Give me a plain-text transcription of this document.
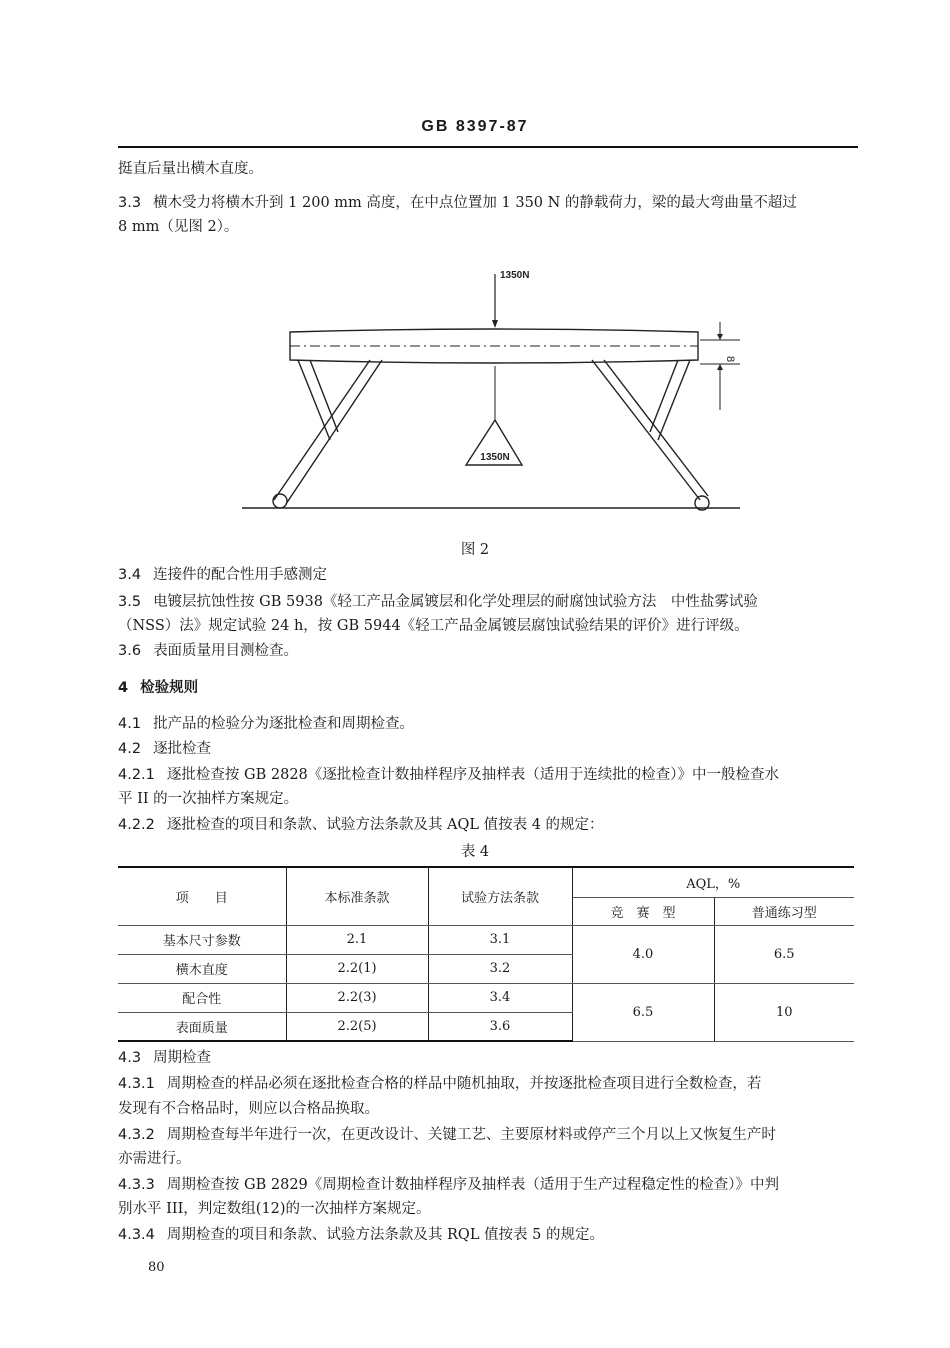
GB 8397-87
挺直后量出横木直度。
3.3 横木受力将横木升到 1 200 mm 高度，在中点位置加 1 350 N 的静载荷力，梁的最大弯曲量不超过
8 mm（见图 2）。
1350N
1350N
8
图 2
3.4 连接件的配合性用手感测定
3.5 电镀层抗蚀性按 GB 5938《轻工产品金属镀层和化学处理层的耐腐蚀试验方法　中性盐雾试验
（NSS）法》规定试验 24 h，按 GB 5944《轻工产品金属镀层腐蚀试验结果的评价》进行评级。
3.6 表面质量用目测检查。
4 检验规则
4.1 批产品的检验分为逐批检查和周期检查。
4.2 逐批检查
4.2.1 逐批检查按 GB 2828《逐批检查计数抽样程序及抽样表（适用于连续批的检查）》中一般检查水
平 II 的一次抽样方案规定。
4.2.2 逐批检查的项目和条款、试验方法条款及其 AQL 值按表 4 的规定：
表 4
项　　目	本标准条款	试验方法条款	AQL，%	
			竞　赛　型	普通练习型
基本尺寸参数	2.1	3.1	4.0	6.5
横木直度	2.2(1)	3.2		
配合性	2.2(3)	3.4	6.5	10
表面质量	2.2(5)	3.6		
4.3 周期检查
4.3.1 周期检查的样品必须在逐批检查合格的样品中随机抽取，并按逐批检查项目进行全数检查，若
发现有不合格品时，则应以合格品换取。
4.3.2 周期检查每半年进行一次，在更改设计、关键工艺、主要原材料或停产三个月以上又恢复生产时
亦需进行。
4.3.3 周期检查按 GB 2829《周期检查计数抽样程序及抽样表（适用于生产过程稳定性的检查）》中判
别水平 III，判定数组(12)的一次抽样方案规定。
4.3.4 周期检查的项目和条款、试验方法条款及其 RQL 值按表 5 的规定。
80
